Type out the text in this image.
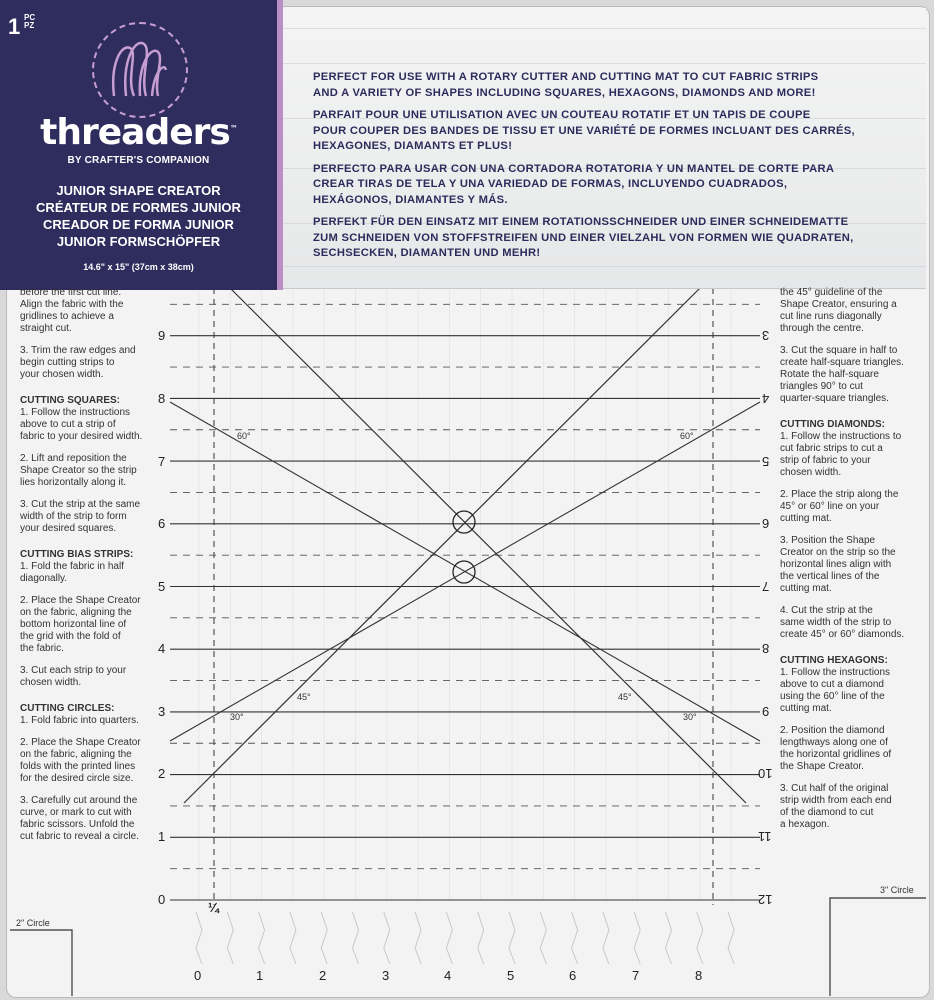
1 PC PZ
threaders™
BY CRAFTER'S COMPANION
JUNIOR SHAPE CREATOR
CRÉATEUR DE FORMES JUNIOR
CREADOR DE FORMA JUNIOR
JUNIOR FORMSCHÖPFER
14.6" x 15" (37cm x 38cm)

PERFECT FOR USE WITH A ROTARY CUTTER AND CUTTING MAT TO CUT FABRIC STRIPS
AND A VARIETY OF SHAPES INCLUDING SQUARES, HEXAGONS, DIAMONDS AND MORE!

PARFAIT POUR UNE UTILISATION AVEC UN COUTEAU ROTATIF ET UN TAPIS DE COUPE
POUR COUPER DES BANDES DE TISSU ET UNE VARIÉTÉ DE FORMES INCLUANT DES CARRÉS,
HEXAGONES, DIAMANTS ET PLUS!

PERFECTO PARA USAR CON UNA CORTADORA ROTATORIA Y UN MANTEL DE CORTE PARA
CREAR TIRAS DE TELA Y UNA VARIEDAD DE FORMAS, INCLUYENDO CUADRADOS,
HEXÁGONOS, DIAMANTES Y MÁS.

PERFEKT FÜR DEN EINSATZ MIT EINEM ROTATIONSSCHNEIDER UND EINER SCHNEIDEMATTE
ZUM SCHNEIDEN VON STOFFSTREIFEN UND EINER VIELZAHL VON FORMEN WIE QUADRATEN,
SECHSECKEN, DIAMANTEN UND MEHR!

before the first cut line.
Align the fabric with the
gridlines to achieve a
straight cut.
3. Trim the raw edges and
begin cutting strips to
your chosen width.
CUTTING SQUARES:
1. Follow the instructions
above to cut a strip of
fabric to your desired width.
2. Lift and reposition the
Shape Creator so the strip
lies horizontally along it.
3. Cut the strip at the same
width of the strip to form
your desired squares.
CUTTING BIAS STRIPS:
1. Fold the fabric in half
diagonally.
2. Place the Shape Creator
on the fabric, aligning the
bottom horizontal line of
the grid with the fold of
the fabric.
3. Cut each strip to your
chosen width.
CUTTING CIRCLES:
1. Fold fabric into quarters.
2. Place the Shape Creator
on the fabric, aligning the
folds with the printed lines
for the desired circle size.
3. Carefully cut around the
curve, or mark to cut with
fabric scissors. Unfold the
cut fabric to reveal a circle.
the 45° guideline of the
Shape Creator, ensuring a
cut line runs diagonally
through the centre.
3. Cut the square in half to
create half-square triangles.
Rotate the half-square
triangles 90° to cut
quarter-square triangles.
CUTTING DIAMONDS:
1. Follow the instructions to
cut fabric strips to cut a
strip of fabric to your
chosen width.
2. Place the strip along the
45° or 60° line on your
cutting mat.
3. Position the Shape
Creator on the strip so the
horizontal lines align with
the vertical lines of the
cutting mat.
4. Cut the strip at the
same width of the strip to
create 45° or 60° diamonds.
CUTTING HEXAGONS:
1. Follow the instructions
above to cut a diamond
using the 60° line of the
cutting mat.
2. Position the diamond
lengthways along one of
the horizontal gridlines of
the Shape Creator.
3. Cut half of the original
strip width from each end
of the diamond to cut
a hexagon.
9
8
7
6
5
4
3
2
1
0
3
4
5
6
7
8
9
10
11
12
0	1	2	3	4	5	6	7	8
¼
60°	60°
45°	45°
30°	30°
2" Circle
3" Circle
